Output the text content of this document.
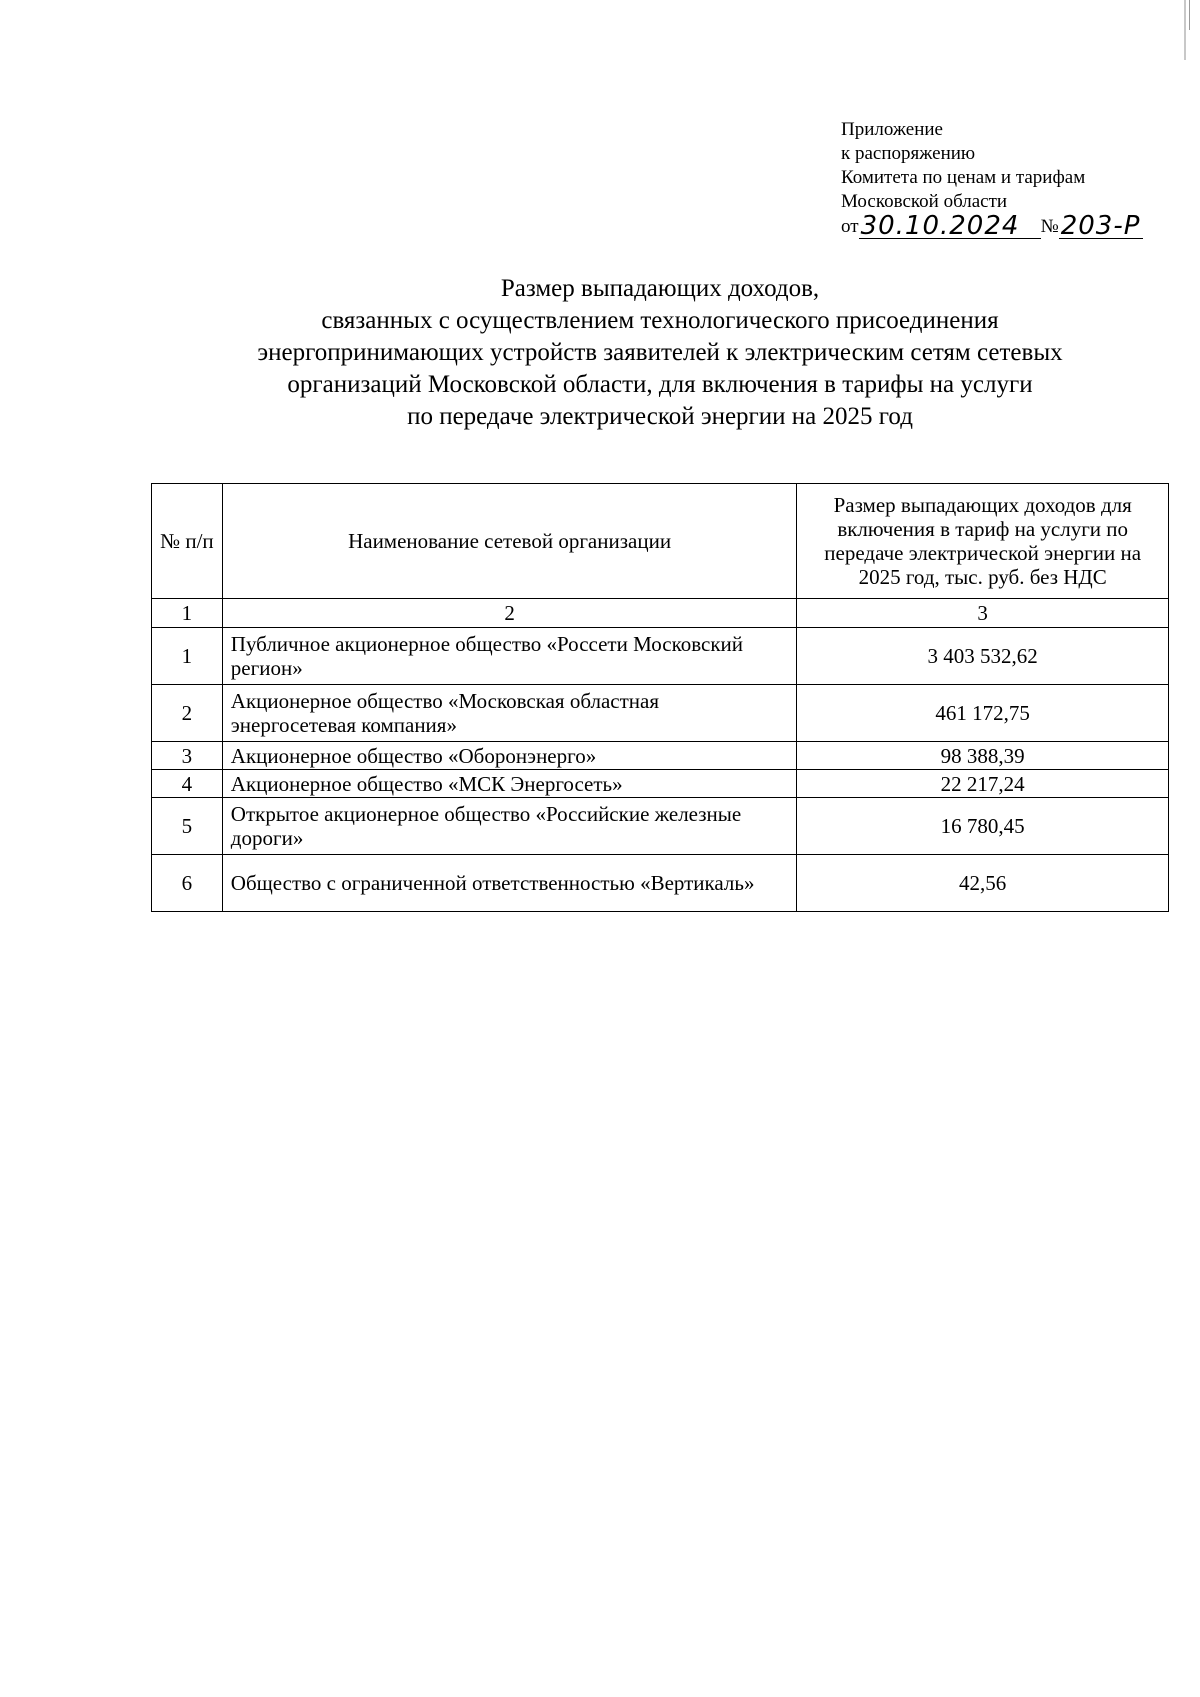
Приложение
к распоряжению
Комитета по ценам и тарифам
Московской области
от 30.10.2024	№ 203-Р
Размер выпадающих доходов,
связанных с осуществлением технологического присоединения
энергопринимающих устройств заявителей к электрическим сетям сетевых
организаций Московской области, для включения в тарифы на услуги
по передаче электрической энергии на 2025 год
№ п/п	Наименование сетевой организации	Размер выпадающих доходов для включения в тариф на услуги по передаче электрической энергии на 2025 год, тыс. руб. без НДС
1	2	3
1	Публичное акционерное общество «Россети Московский регион»	3 403 532,62
2	Акционерное общество «Московская областная энергосетевая компания»	461 172,75
3	Акционерное общество «Оборонэнерго»	98 388,39
4	Акционерное общество «МСК Энергосеть»	22 217,24
5	Открытое акционерное общество «Российские железные дороги»	16 780,45
6	Общество с ограниченной ответственностью «Вертикаль»	42,56
